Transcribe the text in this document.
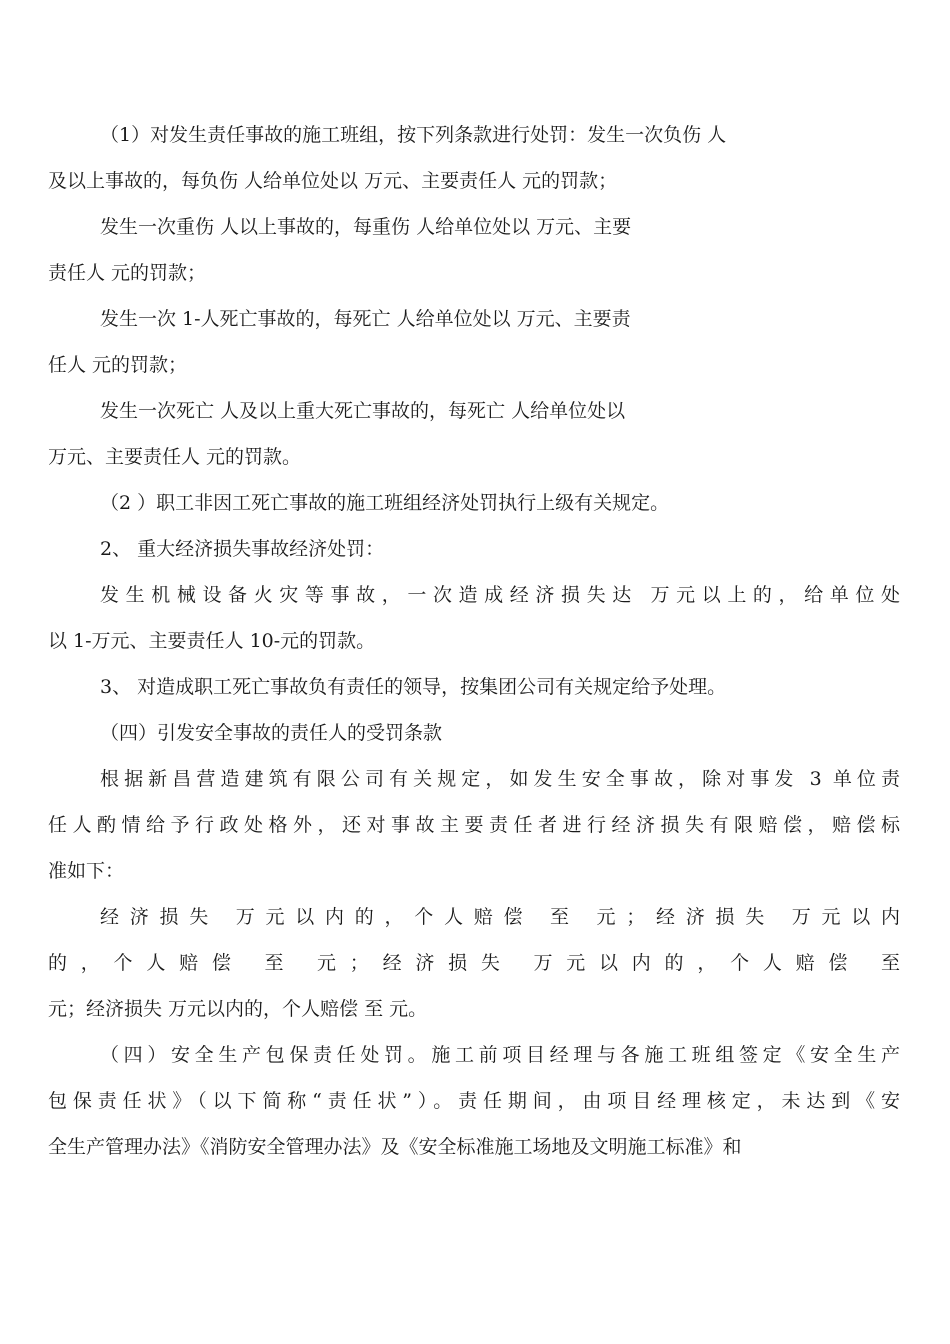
（1）对发生责任事故的施工班组，按下列条款进行处罚：发生一次负伤 人

及以上事故的，每负伤 人给单位处以 万元、主要责任人 元的罚款；

发生一次重伤 人以上事故的，每重伤 人给单位处以 万元、主要

责任人 元的罚款；

发生一次 1-人死亡事故的，每死亡 人给单位处以 万元、主要责

任人 元的罚款；

发生一次死亡 人及以上重大死亡事故的，每死亡 人给单位处以

万元、主要责任人 元的罚款。

（2 ）职工非因工死亡事故的施工班组经济处罚执行上级有关规定。

2、 重大经济损失事故经济处罚：

发生机械设备火灾等事故，一次造成经济损失达 万元以上的，给单位处

以 1-万元、主要责任人 10-元的罚款。

3、 对造成职工死亡事故负有责任的领导，按集团公司有关规定给予处理。

（四）引发安全事故的责任人的受罚条款

根据新昌营造建筑有限公司有关规定，如发生安全事故，除对事发 3 单位责

任人酌情给予行政处格外，还对事故主要责任者进行经济损失有限赔偿，赔偿标

准如下：

经济损失 万元以内的，个人赔偿 至 元；经济损失 万元以内

的，个人赔偿 至 元；经济损失 万元以内的，个人赔偿 至

元；经济损失 万元以内的，个人赔偿 至 元。

（四）安全生产包保责任处罚。施工前项目经理与各施工班组签定《安全生产

包保责任状》（以下简称“责任状”）。责任期间，由项目经理核定，未达到《安

全生产管理办法》《消防安全管理办法》及《安全标准施工场地及文明施工标准》和
